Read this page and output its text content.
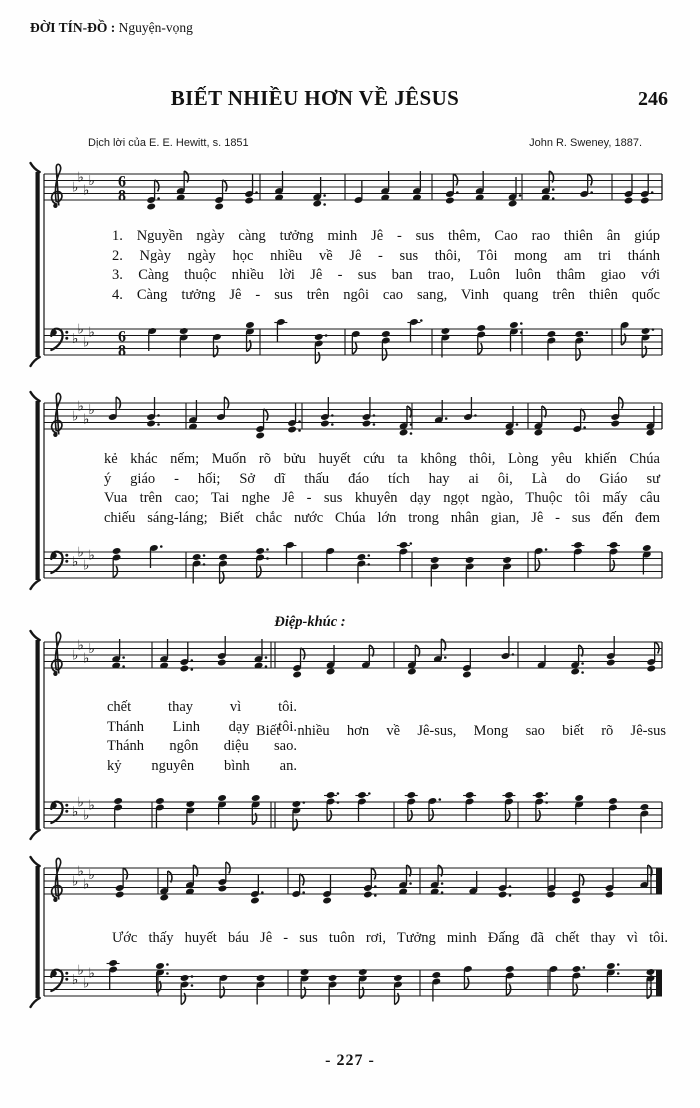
ĐỜI TÍN-ĐỒ : Nguyện-vọng
BIẾT NHIỀU HƠN VỀ JÊSUS	246
Dịch lời của E. E. Hewitt, s. 1851	John R. Sweney, 1887.
♭
♭
♭
♭
♭
♭
♭
♭
6
8
6
8
♭
♭
♭
♭
♭
♭
♭
♭
♭
♭
♭
♭
♭
♭
♭
♭
♭
♭
♭
♭
♭
♭
♭
♭
1. Nguyền ngày càng tưởng minh Jê - sus thêm, Cao rao thiên ân giúp
2. Ngày ngày học nhiều về Jê - sus thôi, Tôi mong am tri thánh
3. Càng thuộc nhiều lời Jê - sus ban trao, Luôn luôn thâm giao với
4. Càng tưởng Jê - sus trên ngôi cao sang, Vinh quang trên thiên quốc
kẻ khác nếm; Muốn rõ bửu huyết cứu ta không thôi, Lòng yêu khiến Chúa
ý giáo - hối; Sở dĩ thấu đáo tích hay ai ôi, Là do Giáo sư
Vua trên cao; Tai nghe Jê - sus khuyên dạy ngọt ngào, Thuộc tôi mấy câu
chiếu sáng-láng; Biết chắc nước Chúa lớn trong nhân gian, Jê - sus đến đem
Điệp-khúc :
chết thay vì tôi.
Thánh Linh dạy tôi.
Thánh ngôn diệu sao.
kỷ nguyên bình an.
Biết nhiều hơn về Jê-sus, Mong sao biết rõ Jê-sus
Ước thấy huyết báu Jê - sus tuôn rơi, Tưởng minh Đấng đã chết thay vì tôi.
- 227 -
